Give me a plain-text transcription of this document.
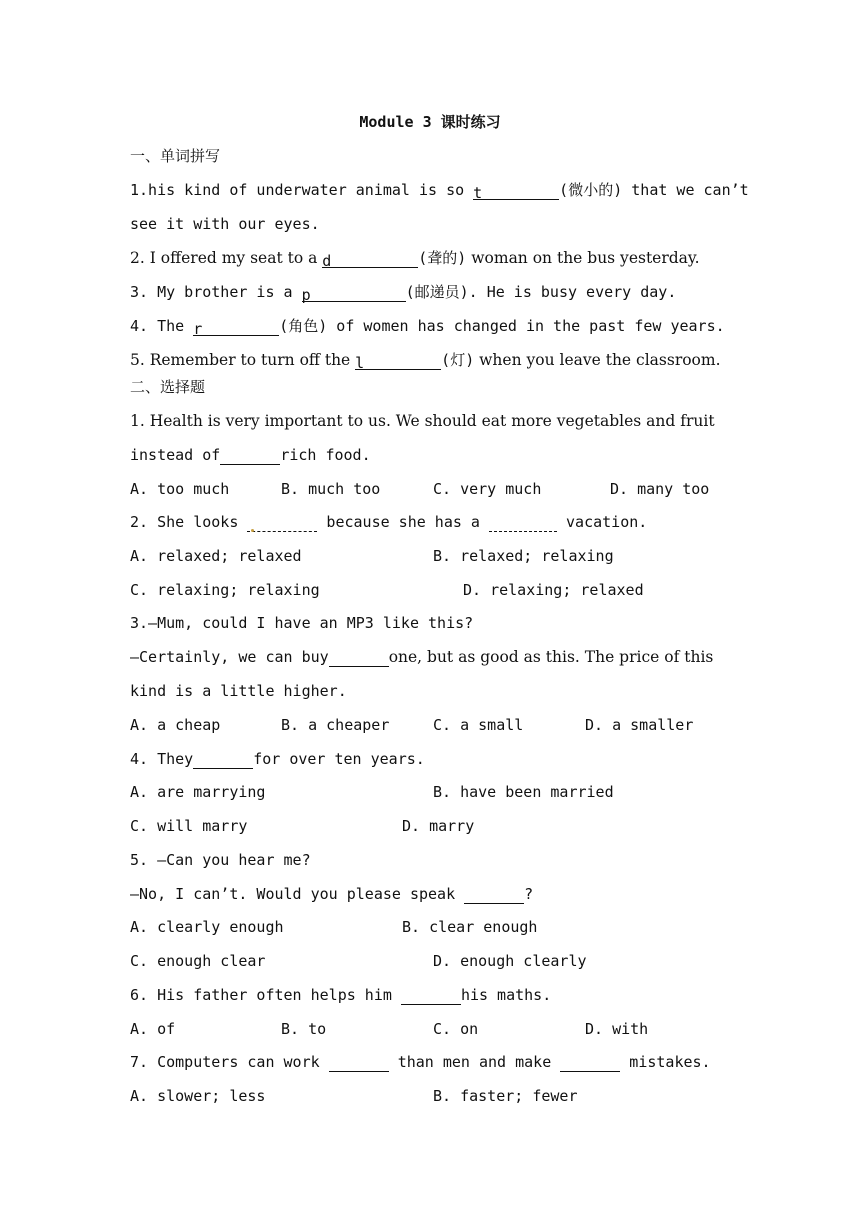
Module 3 课时练习
一、单词拼写
1.his kind of underwater animal is so t	(微小的) that we can’t
see it with our eyes.
2. I offered my seat to a d	(聋的) woman on the bus yesterday.
3. My brother is a p	(邮递员). He is busy every day.
4. The r	(角色) of women has changed in the past few years.
5. Remember to turn off the l	(灯) when you leave the classroom.
二、选择题
1. Health is very important to us. We should eat more vegetables and fruit
instead of	rich food.
A. too much	B. much too	C. very much	D. many too
2. She looks	because she has a	vacation.
A. relaxed; relaxed	B. relaxed; relaxing
C. relaxing; relaxing	D. relaxing; relaxed
3.—Mum, could I have an MP3 like this?
—Certainly, we can buy	one, but as good as this. The price of this
kind is a little higher.
A. a cheap	B. a cheaper	C. a small	D. a smaller
4. They	for over ten years.
A. are marrying	B. have been married
C. will marry	D. marry
5. —Can you hear me?
—No, I can’t. Would you please speak	?
A. clearly enough	B. clear enough
C. enough clear	D. enough clearly
6. His father often helps him	his maths.
A. of	B. to	C. on	D. with
7. Computers can work	than men and make	mistakes.
A. slower; less	B. faster; fewer
